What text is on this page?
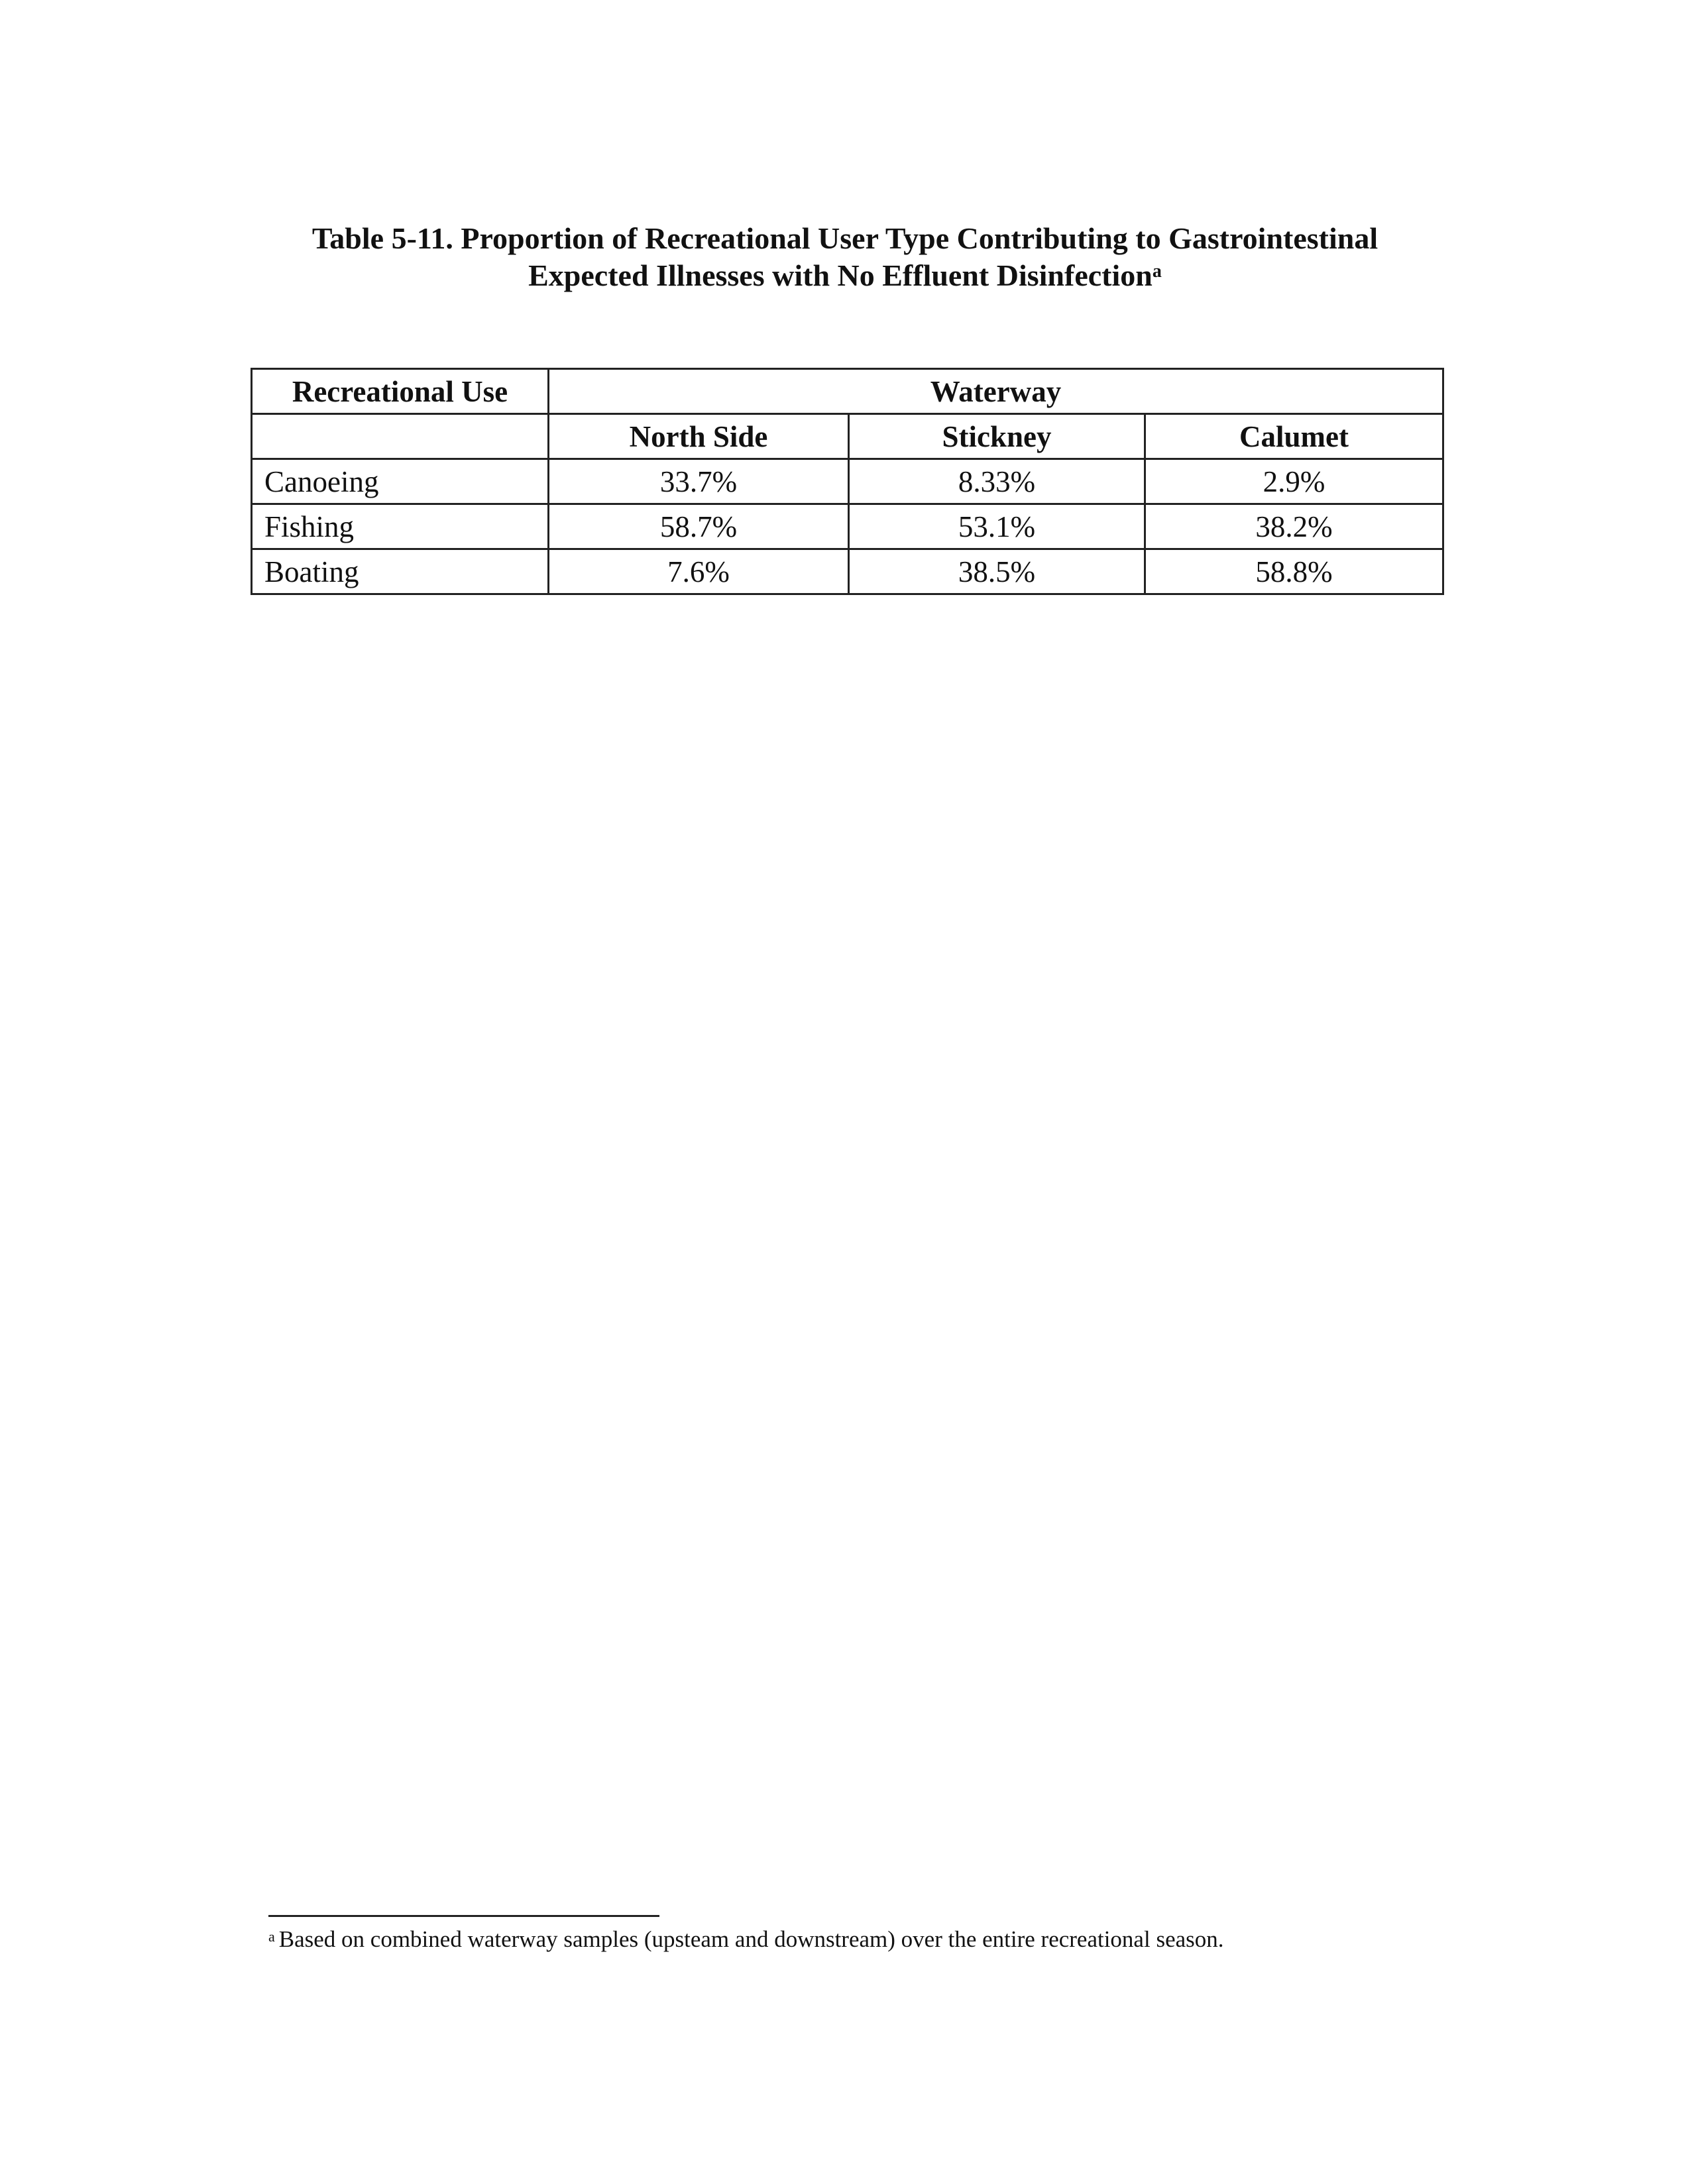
Table 5-11. Proportion of Recreational User Type Contributing to Gastrointestinal
Expected Illnesses with No Effluent Disinfection$^a$
Recreational Use	Waterway		
	North Side	Stickney	Calumet
Canoeing	33.7%	8.33%	2.9%
Fishing	58.7%	53.1%	38.2%
Boating	7.6%	38.5%	58.8%
$^a$ Based on combined waterway samples (upsteam and downstream) over the entire recreational season.
